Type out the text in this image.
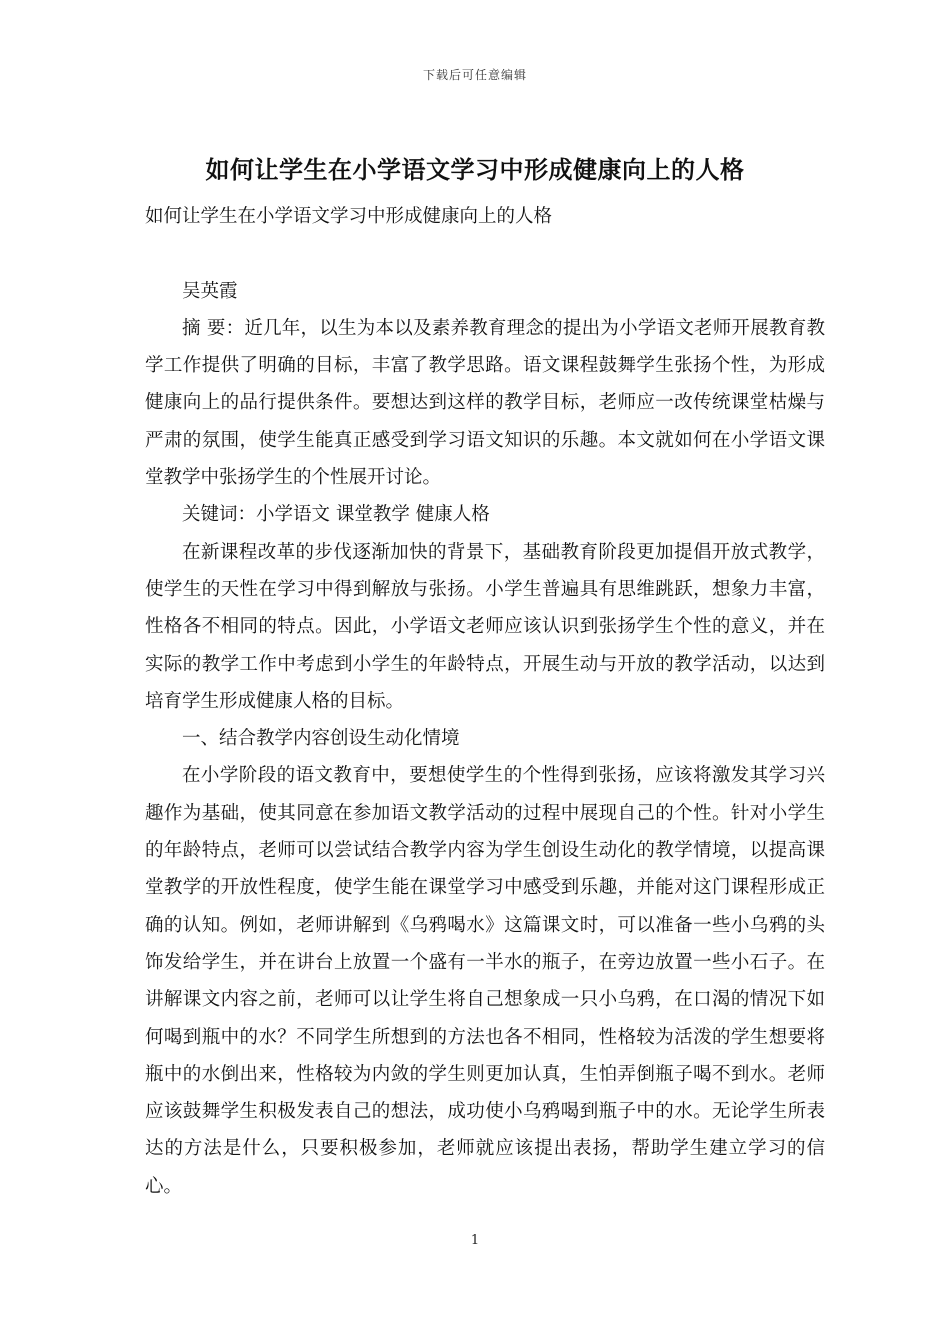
下载后可任意编辑
如何让学生在小学语文学习中形成健康向上的人格

如何让学生在小学语文学习中形成健康向上的人格

吴英霞

摘 要：近几年，以生为本以及素养教育理念的提出为小学语文老师开展教育教学工作提供了明确的目标，丰富了教学思路。语文课程鼓舞学生张扬个性，为形成健康向上的品行提供条件。要想达到这样的教学目标，老师应一改传统课堂枯燥与严肃的氛围，使学生能真正感受到学习语文知识的乐趣。本文就如何在小学语文课堂教学中张扬学生的个性展开讨论。

关键词：小学语文 课堂教学 健康人格

在新课程改革的步伐逐渐加快的背景下，基础教育阶段更加提倡开放式教学，使学生的天性在学习中得到解放与张扬。小学生普遍具有思维跳跃，想象力丰富，性格各不相同的特点。因此，小学语文老师应该认识到张扬学生个性的意义，并在实际的教学工作中考虑到小学生的年龄特点，开展生动与开放的教学活动，以达到培育学生形成健康人格的目标。

一、结合教学内容创设生动化情境

在小学阶段的语文教育中，要想使学生的个性得到张扬，应该将激发其学习兴趣作为基础，使其同意在参加语文教学活动的过程中展现自己的个性。针对小学生的年龄特点，老师可以尝试结合教学内容为学生创设生动化的教学情境，以提高课堂教学的开放性程度，使学生能在课堂学习中感受到乐趣，并能对这门课程形成正确的认知。例如，老师讲解到《乌鸦喝水》这篇课文时，可以准备一些小乌鸦的头饰发给学生，并在讲台上放置一个盛有一半水的瓶子，在旁边放置一些小石子。在讲解课文内容之前，老师可以让学生将自己想象成一只小乌鸦，在口渴的情况下如何喝到瓶中的水？不同学生所想到的方法也各不相同，性格较为活泼的学生想要将瓶中的水倒出来，性格较为内敛的学生则更加认真，生怕弄倒瓶子喝不到水。老师应该鼓舞学生积极发表自己的想法，成功使小乌鸦喝到瓶子中的水。无论学生所表达的方法是什么，只要积极参加，老师就应该提出表扬，帮助学生建立学习的信心。

1
